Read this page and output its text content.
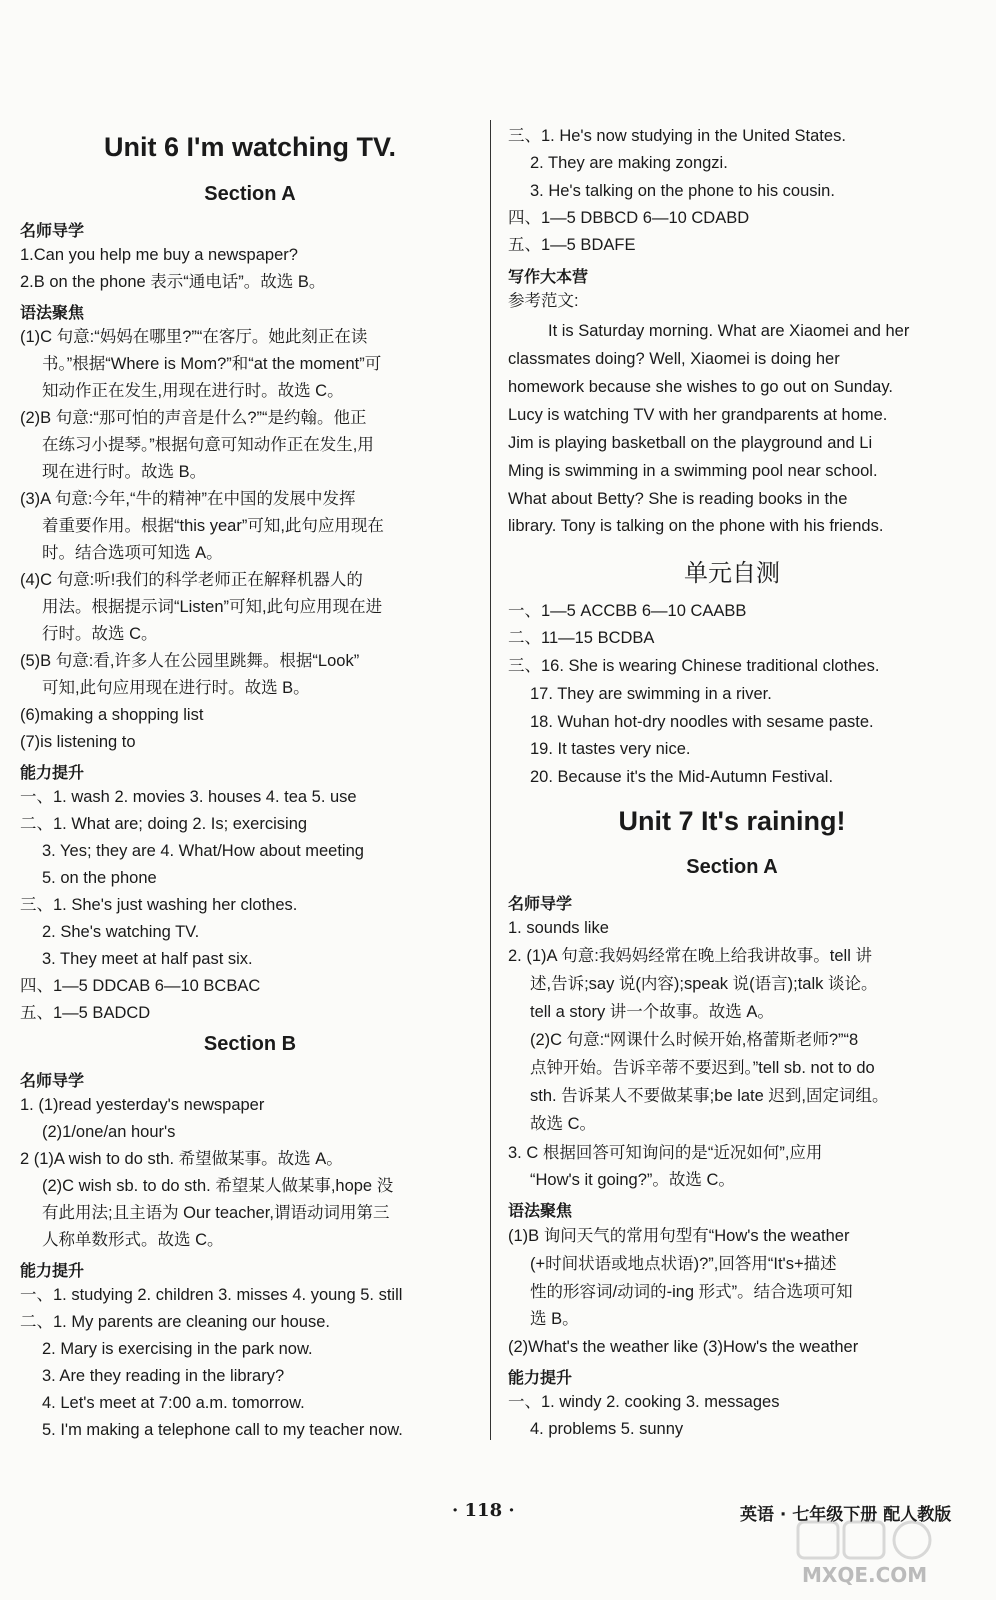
Unit 6 I'm watching TV.
Section A
名师导学
1.Can you help me buy a newspaper?
2.B on the phone 表示“通电话”。故选 B。
语法聚焦
(1)C 句意:“妈妈在哪里?”“在客厅。她此刻正在读
书。”根据“Where is Mom?”和“at the moment”可
知动作正在发生,用现在进行时。故选 C。
(2)B 句意:“那可怕的声音是什么?”“是约翰。他正
在练习小提琴。”根据句意可知动作正在发生,用
现在进行时。故选 B。
(3)A 句意:今年,“牛的精神”在中国的发展中发挥
着重要作用。根据“this year”可知,此句应用现在
时。结合选项可知选 A。
(4)C 句意:听!我们的科学老师正在解释机器人的
用法。根据提示词“Listen”可知,此句应用现在进
行时。故选 C。
(5)B 句意:看,许多人在公园里跳舞。根据“Look”
可知,此句应用现在进行时。故选 B。
(6)making a shopping list
(7)is listening to
能力提升
一、1. wash 2. movies 3. houses 4. tea 5. use
二、1. What are; doing 2. Is; exercising
3. Yes; they are 4. What/How about meeting
5. on the phone
三、1. She's just washing her clothes.
2. She's watching TV.
3. They meet at half past six.
四、1—5 DDCAB 6—10 BCBAC
五、1—5 BADCD
Section B
名师导学
1. (1)read yesterday's newspaper
(2)1/one/an hour's
2 (1)A wish to do sth. 希望做某事。故选 A。
(2)C wish sb. to do sth. 希望某人做某事,hope 没
有此用法;且主语为 Our teacher,谓语动词用第三
人称单数形式。故选 C。
能力提升
一、1. studying 2. children 3. misses 4. young 5. still
二、1. My parents are cleaning our house.
2. Mary is exercising in the park now.
3. Are they reading in the library?
4. Let's meet at 7:00 a.m. tomorrow.
5. I'm making a telephone call to my teacher now.
三、1. He's now studying in the United States.
2. They are making zongzi.
3. He's talking on the phone to his cousin.
四、1—5 DBBCD 6—10 CDABD
五、1—5 BDAFE
写作大本营
参考范文:
It is Saturday morning. What are Xiaomei and her
classmates doing? Well, Xiaomei is doing her
homework because she wishes to go out on Sunday.
Lucy is watching TV with her grandparents at home.
Jim is playing basketball on the playground and Li
Ming is swimming in a swimming pool near school.
What about Betty? She is reading books in the
library. Tony is talking on the phone with his friends.
单元自测
一、1—5 ACCBB 6—10 CAABB
二、11—15 BCDBA
三、16. She is wearing Chinese traditional clothes.
17. They are swimming in a river.
18. Wuhan hot-dry noodles with sesame paste.
19. It tastes very nice.
20. Because it's the Mid-Autumn Festival.
Unit 7 It's raining!
Section A
名师导学
1. sounds like
2. (1)A 句意:我妈妈经常在晚上给我讲故事。tell 讲
述,告诉;say 说(内容);speak 说(语言);talk 谈论。
tell a story 讲一个故事。故选 A。
(2)C 句意:“网课什么时候开始,格蕾斯老师?”“8
点钟开始。告诉辛蒂不要迟到。”tell sb. not to do
sth. 告诉某人不要做某事;be late 迟到,固定词组。
故选 C。
3. C 根据回答可知询问的是“近况如何”,应用
“How's it going?”。故选 C。
语法聚焦
(1)B 询问天气的常用句型有“How's the weather
(+时间状语或地点状语)?”,回答用“It's+描述
性的形容词/动词的-ing 形式”。结合选项可知
选 B。
(2)What's the weather like (3)How's the weather
能力提升
一、1. windy 2. cooking 3. messages
4. problems 5. sunny
· 118 ·	英语 · 七年级下册 配人教版
MXQE.COM
